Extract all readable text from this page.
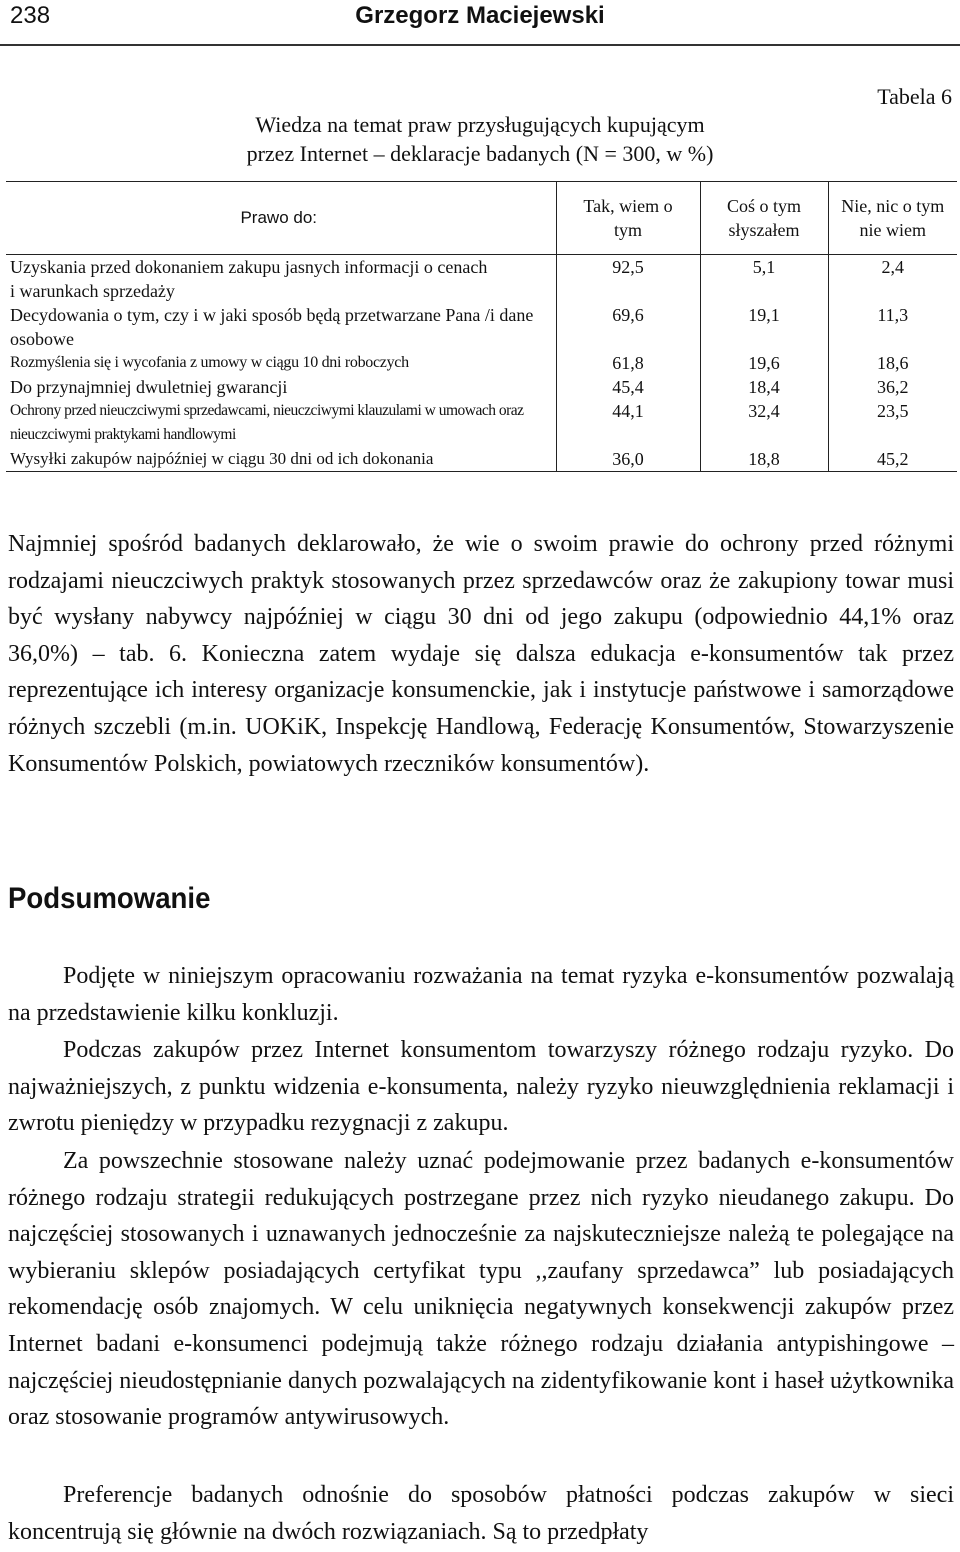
238	Grzegorz Maciejewski
Tabela 6
Wiedza na temat praw przysługujących kupującym
przez Internet – deklaracje badanych (N = 300, w %)
Prawo do:	Tak, wiem o tym	Coś o tym słyszałem	Nie, nic o tym nie wiem
Uzyskania przed dokonaniem zakupu jasnych informacji o cenach i warunkach sprzedaży	92,5	5,1	2,4
Decydowania o tym, czy i w jaki sposób będą przetwarzane Pana /i dane osobowe	69,6	19,1	11,3
Rozmyślenia się i wycofania z umowy w ciągu 10 dni roboczych	61,8	19,6	18,6
Do przynajmniej dwuletniej gwarancji	45,4	18,4	36,2
Ochrony przed nieuczciwymi sprzedawcami, nieuczciwymi klauzulami w umowach oraz nieuczciwymi praktykami handlowymi	44,1	32,4	23,5
Wysyłki zakupów najpóźniej w ciągu 30 dni od ich dokonania	36,0	18,8	45,2
Najmniej spośród badanych deklarowało, że wie o swoim prawie do ochrony przed różnymi rodzajami nieuczciwych praktyk stosowanych przez sprzedawców oraz że zakupiony towar musi być wysłany nabywcy najpóźniej w ciągu 30 dni od jego zakupu (odpowiednio 44,1% oraz 36,0%) – tab. 6. Konieczna zatem wydaje się dalsza edukacja e-konsumentów tak przez reprezentujące ich interesy organizacje konsumenckie, jak i instytucje państwowe i samorządowe różnych szczebli (m.in. UOKiK, Inspekcję Handlową, Federację Konsumentów, Stowarzyszenie Konsumentów Polskich, powiatowych rzeczników konsumentów).
Podsumowanie
Podjęte w niniejszym opracowaniu rozważania na temat ryzyka e-konsumentów pozwalają na przedstawienie kilku konkluzji.
Podczas zakupów przez Internet konsumentom towarzyszy różnego rodzaju ryzyko. Do najważniejszych, z punktu widzenia e-konsumenta, należy ryzyko nieuwzględnienia reklamacji i zwrotu pieniędzy w przypadku rezygnacji z zakupu.
Za powszechnie stosowane należy uznać podejmowanie przez badanych e-konsumentów różnego rodzaju strategii redukujących postrzegane przez nich ryzyko nieudanego zakupu. Do najczęściej stosowanych i uznawanych jednocześnie za najskuteczniejsze należą te polegające na wybieraniu sklepów posiadających certyfikat typu ,,zaufany sprzedawca” lub posiadających rekomendację osób znajomych. W celu uniknięcia negatywnych konsekwencji zakupów przez Internet badani e-konsumenci podejmują także różnego rodzaju działania antypishingowe – najczęściej nieudostępnianie danych pozwalających na zidentyfikowanie kont i haseł użytkownika oraz stosowanie programów antywirusowych.
Preferencje badanych odnośnie do sposobów płatności podczas zakupów w sieci koncentrują się głównie na dwóch rozwiązaniach. Są to przedpłaty
